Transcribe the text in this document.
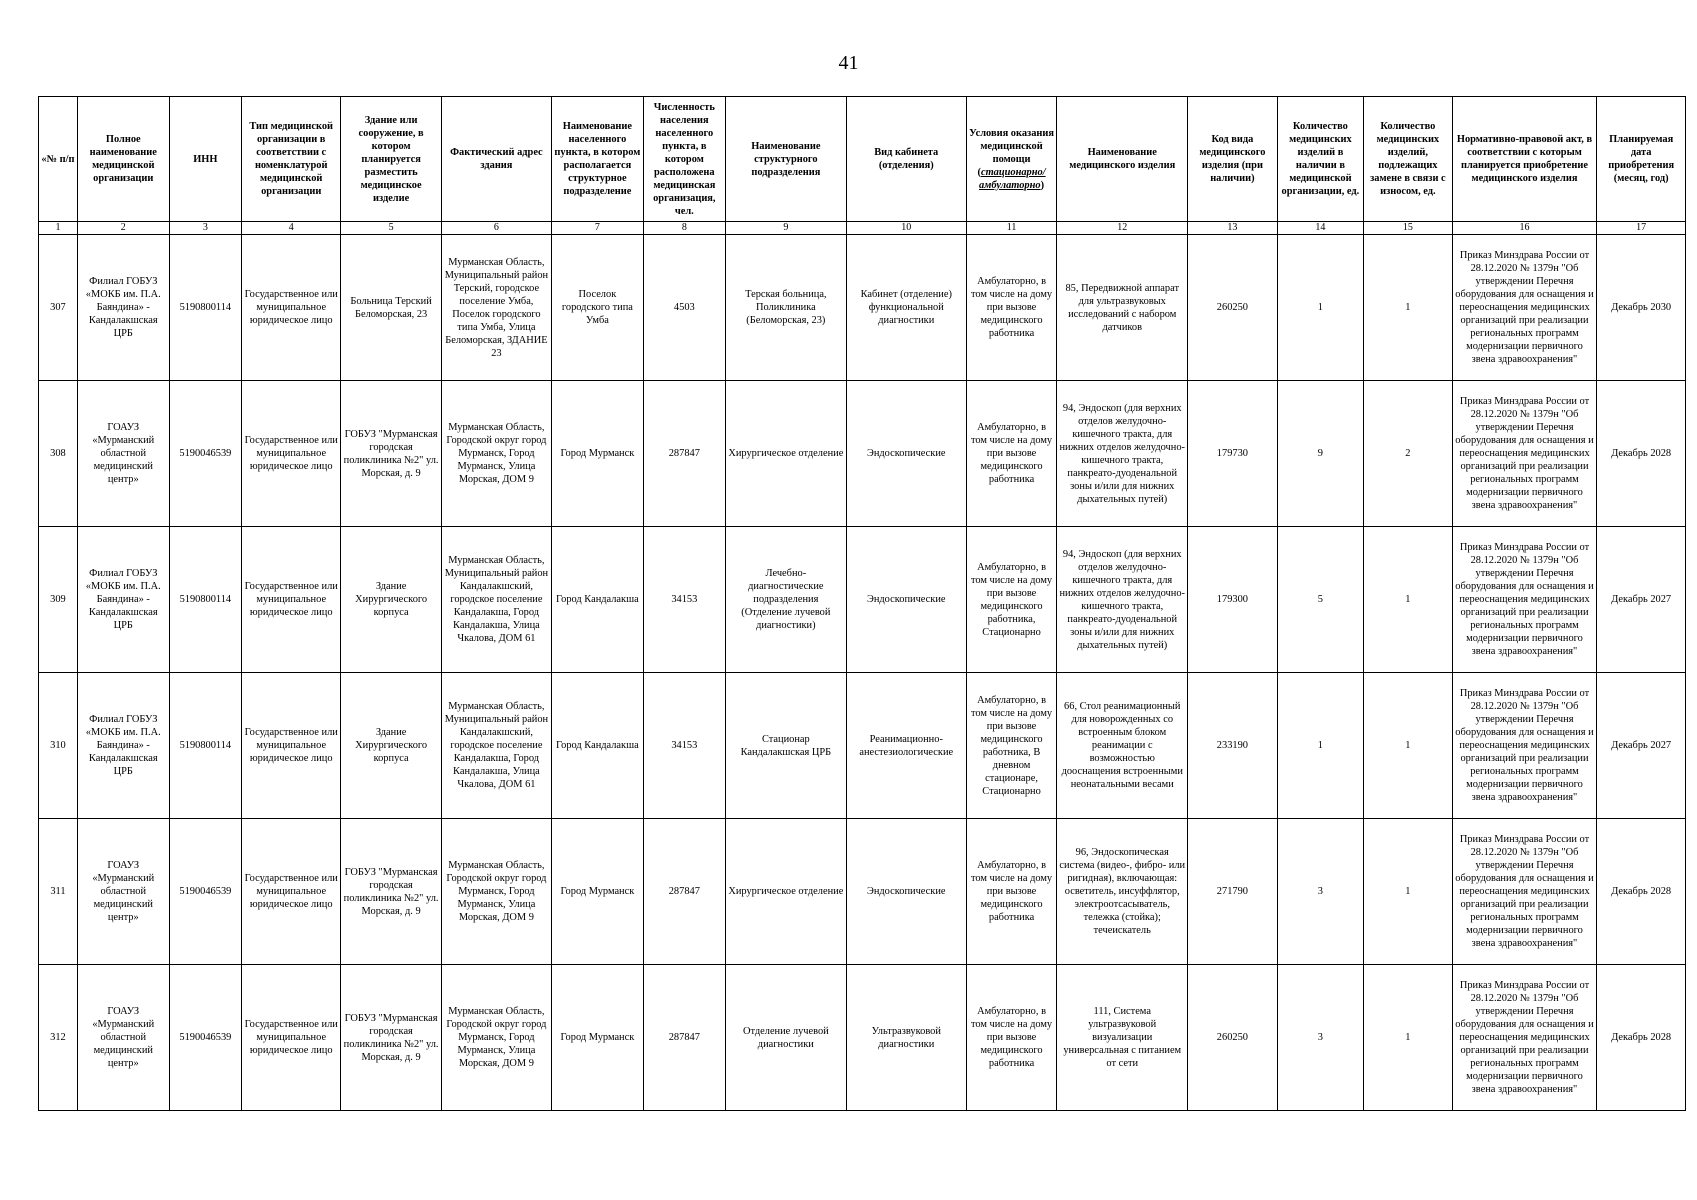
41
«№ п/п	Полное наименование медицинской организации	ИНН	Тип медицинской организации в соответствии с номенклатурой медицинской организации	Здание или сооружение, в котором планируется разместить медицинское изделие	Фактический адрес здания	Наименование населенного пункта, в котором располагается структурное подразделение	Численность населения населенного пункта, в котором расположена медицинская организация, чел.	Наименование структурного подразделения	Вид кабинета (отделения)	Условия оказания медицинской помощи (стационарно/ амбулаторно)	Наименование медицинского изделия	Код вида медицинского изделия (при наличии)	Количество медицинских изделий в наличии в медицинской организации, ед.	Количество медицинских изделий, подлежащих замене в связи с износом, ед.	Нормативно-правовой акт, в соответствии с которым планируется приобретение медицинского изделия	Планируемая дата приобретения (месяц, год)
1	2	3	4	5	6	7	8	9	10	11	12	13	14	15	16	17
307	Филиал ГОБУЗ «МОКБ им. П.А. Баяндина» - Кандалакшская ЦРБ	5190800114	Государственное или муниципальное юридическое лицо	Больница Терский Беломорская, 23	Мурманская Область, Муниципальный район Терский, городское поселение Умба, Поселок городского типа Умба, Улица Беломорская, ЗДАНИЕ 23	Поселок городского типа Умба	4503	Терская больница, Поликлиника (Беломорская, 23)	Кабинет (отделение) функциональной диагностики	Амбулаторно, в том числе на дому при вызове медицинского работника	85, Передвижной аппарат для ультразвуковых исследований с набором датчиков	260250	1	1	Приказ Минздрава России от 28.12.2020 № 1379н "Об утверждении Перечня оборудования для оснащения и переоснащения медицинских организаций при реализации региональных программ модернизации первичного звена здравоохранения"	Декабрь 2030
308	ГОАУЗ «Мурманский областной медицинский центр»	5190046539	Государственное или муниципальное юридическое лицо	ГОБУЗ "Мурманская городская поликлиника №2" ул. Морская, д. 9	Мурманская Область, Городской округ город Мурманск, Город Мурманск, Улица Морская, ДОМ 9	Город Мурманск	287847	Хирургическое отделение	Эндоскопические	Амбулаторно, в том числе на дому при вызове медицинского работника	94, Эндоскоп (для верхних отделов желудочно- кишечного тракта, для нижних отделов желудочно-кишечного тракта, панкреато-дуоденальной зоны и/или для нижних дыхательных путей)	179730	9	2	Приказ Минздрава России от 28.12.2020 № 1379н "Об утверждении Перечня оборудования для оснащения и переоснащения медицинских организаций при реализации региональных программ модернизации первичного звена здравоохранения"	Декабрь 2028
309	Филиал ГОБУЗ «МОКБ им. П.А. Баяндина» - Кандалакшская ЦРБ	5190800114	Государственное или муниципальное юридическое лицо	Здание Хирургического корпуса	Мурманская Область, Муниципальный район Кандалакшский, городское поселение Кандалакша, Город Кандалакша, Улица Чкалова, ДОМ 61	Город Кандалакша	34153	Лечебно-диагностические подразделения (Отделение лучевой диагностики)	Эндоскопические	Амбулаторно, в том числе на дому при вызове медицинского работника, Стационарно	94, Эндоскоп (для верхних отделов желудочно- кишечного тракта, для нижних отделов желудочно-кишечного тракта, панкреато-дуоденальной зоны и/или для нижних дыхательных путей)	179300	5	1	Приказ Минздрава России от 28.12.2020 № 1379н "Об утверждении Перечня оборудования для оснащения и переоснащения медицинских организаций при реализации региональных программ модернизации первичного звена здравоохранения"	Декабрь 2027
310	Филиал ГОБУЗ «МОКБ им. П.А. Баяндина» - Кандалакшская ЦРБ	5190800114	Государственное или муниципальное юридическое лицо	Здание Хирургического корпуса	Мурманская Область, Муниципальный район Кандалакшский, городское поселение Кандалакша, Город Кандалакша, Улица Чкалова, ДОМ 61	Город Кандалакша	34153	Стационар Кандалакшская ЦРБ	Реанимационно-анестезиологические	Амбулаторно, в том числе на дому при вызове медицинского работника, В дневном стационаре, Стационарно	66, Стол реанимационный для новорожденных со встроенным блоком реанимации с возможностью дооснащения встроенными неонатальными весами	233190	1	1	Приказ Минздрава России от 28.12.2020 № 1379н "Об утверждении Перечня оборудования для оснащения и переоснащения медицинских организаций при реализации региональных программ модернизации первичного звена здравоохранения"	Декабрь 2027
311	ГОАУЗ «Мурманский областной медицинский центр»	5190046539	Государственное или муниципальное юридическое лицо	ГОБУЗ "Мурманская городская поликлиника №2" ул. Морская, д. 9	Мурманская Область, Городской округ город Мурманск, Город Мурманск, Улица Морская, ДОМ 9	Город Мурманск	287847	Хирургическое отделение	Эндоскопические	Амбулаторно, в том числе на дому при вызове медицинского работника	96, Эндоскопическая система (видео-, фибро- или ригидная), включающая: осветитель, инсуффлятор, электроотсасыватель, тележка (стойка); течеискатель	271790	3	1	Приказ Минздрава России от 28.12.2020 № 1379н "Об утверждении Перечня оборудования для оснащения и переоснащения медицинских организаций при реализации региональных программ модернизации первичного звена здравоохранения"	Декабрь 2028
312	ГОАУЗ «Мурманский областной медицинский центр»	5190046539	Государственное или муниципальное юридическое лицо	ГОБУЗ "Мурманская городская поликлиника №2" ул. Морская, д. 9	Мурманская Область, Городской округ город Мурманск, Город Мурманск, Улица Морская, ДОМ 9	Город Мурманск	287847	Отделение лучевой диагностики	Ультразвуковой диагностики	Амбулаторно, в том числе на дому при вызове медицинского работника	111, Система ультразвуковой визуализации универсальная с питанием от сети	260250	3	1	Приказ Минздрава России от 28.12.2020 № 1379н "Об утверждении Перечня оборудования для оснащения и переоснащения медицинских организаций при реализации региональных программ модернизации первичного звена здравоохранения"	Декабрь 2028
